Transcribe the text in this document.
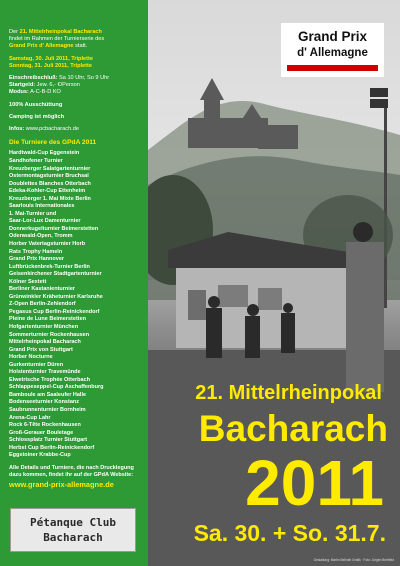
Grand Prix
d' Allemagne
Der 21. Mittelrheinpokal Bacharach
findet im Rahmen der Turnierserie des
Grand Prix d' Allemagne statt.
Samstag, 30. Juli 2011, Triplette
Sonntag, 31. Juli 2011, Triplette
Einschreibschluß: Sa 10 Uhr, So 9 Uhr
Startgeld: Jew. 6,- €/Person
Modus: A-C-B-D KO
100% Ausschüttung
Camping ist möglich
Infos: www.pcbacharach.de
Die Turniere des GPdA 2011
Hardtwald-Cup Eggenstein
Sandhofener Turnier
Kreuzberger Salatgartenturnier
Ostermontagsturnier Bruchsal
Doublettes Blanches Otterbach
Edeka-Kohler-Cup Ettenheim
Kreuzberger 1. Mai Mixte Berlin
Saarlouis Internationales
1. Mai-Turnier und
Saar-Lor-Lux Damenturnier
Donnerkugelturnier Beimerstetten
Odenwald-Open, Tromm
Horber Vatertagsturnier Horb
Rats Trophy Hameln
Grand Prix Hannover
Luftbrückenbrek-Turnier Berlin
Geisenkirchener Stadtgartenturnier
Kölner Sextett
Berliner Kastanienturnier
Grünwinkler Kräheturnier Karlsruhe
Z-Open Berlin-Zehlendorf
Pegasus Cup Berlin-Reinickendorf
Pleine de Lune Beimerstetten
Hofgartenturnier München
Sommerturnier Rockenhausen
Mittelrheinpokal Bacharach
Grand Prix von Stuttgart
Horber Nocturne
Gurkenturnier Düren
Holstenturnier Travemünde
Elwetrische Trophée Otterbach
Schlappeseppel-Cup Aschaffenburg
Bamboule am Saaleufer Halle
Bodenseeturnier Konstanz
Saubrunnenturnier Bornheim
Arena-Cup Lahr
Rock 6-Tête Rockenhausen
Groß-Gerauer Bouletage
Schlossplatz Turnier Stuttgart
Herbst Cup Berlin-Reinickendorf
Eggstoiner Krabbe-Cup
Alle Details und Turniere, die nach Drucklegung dazu kommen, findet ihr auf der GPdA Website:
www.grand-prix-allemagne.de
Pétanque Club
Bacharach
21. Mittelrheinpokal
Bacharach
2011
Sa. 30. + So. 31.7.
Gestaltung: Martin Bellroth Grafik · Foto: Jürgen Breitfeld
